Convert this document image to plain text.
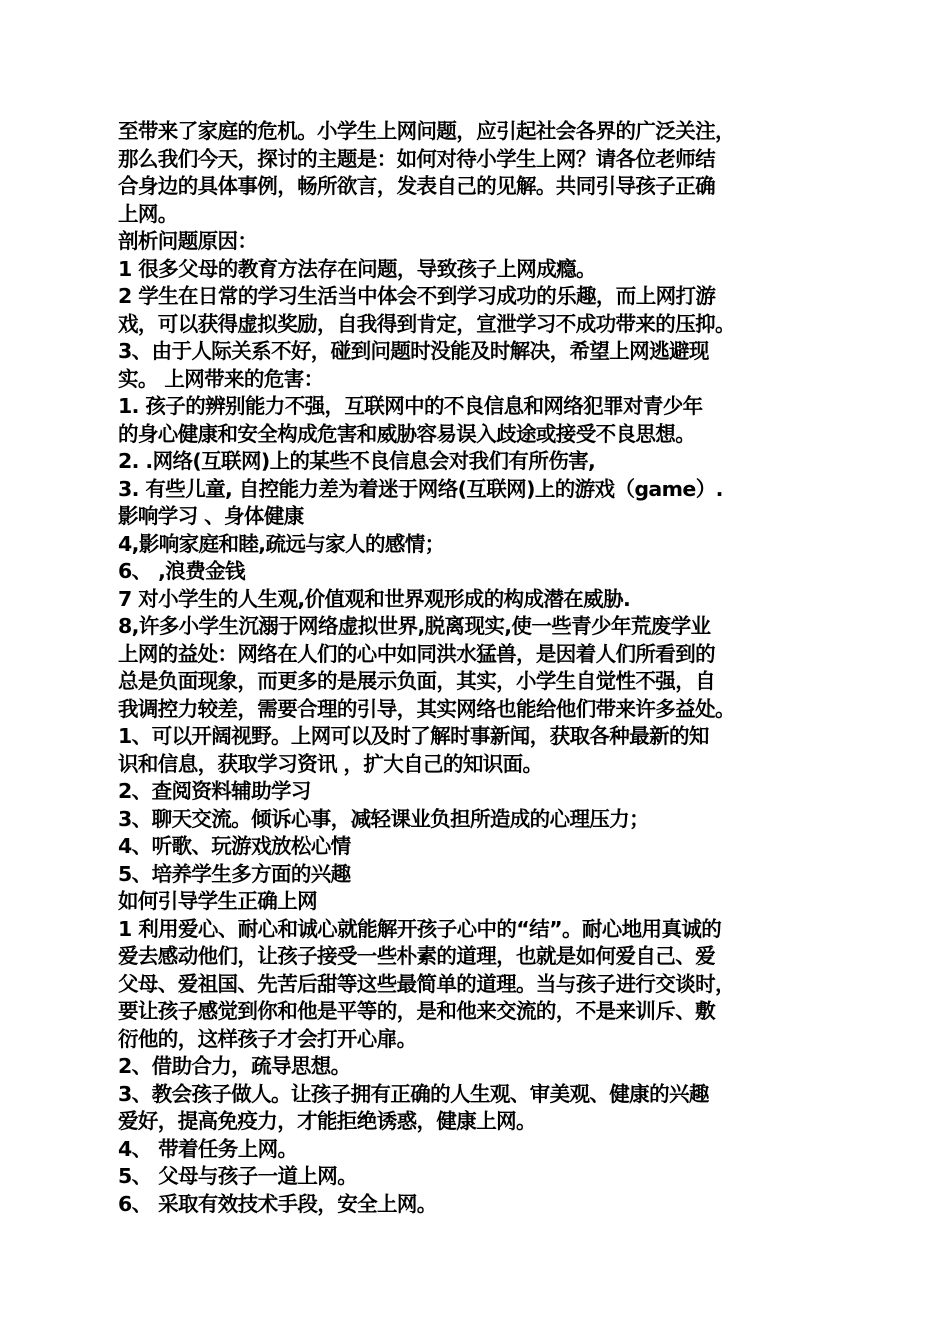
至带来了家庭的危机。小学生上网问题，应引起社会各界的广泛关注，
那么我们今天，探讨的主题是：如何对待小学生上网？请各位老师结
合身边的具体事例，畅所欲言，发表自己的见解。共同引导孩子正确
上网。
剖析问题原因：
1 很多父母的教育方法存在问题，导致孩子上网成瘾。
2 学生在日常的学习生活当中体会不到学习成功的乐趣，而上网打游
戏，可以获得虚拟奖励，自我得到肯定，宣泄学习不成功带来的压抑。
3、由于人际关系不好，碰到问题时没能及时解决，希望上网逃避现
实。 上网带来的危害：
1. 孩子的辨别能力不强，互联网中的不良信息和网络犯罪对青少年
的身心健康和安全构成危害和威胁容易误入歧途或接受不良思想。
2. .网络(互联网)上的某些不良信息会对我们有所伤害,
3. 有些儿童, 自控能力差为着迷于网络(互联网)上的游戏（game）.
影响学习 、身体健康
4,影响家庭和睦,疏远与家人的感情；
6、 ,浪费金钱
7 对小学生的人生观,价值观和世界观形成的构成潜在威胁.
8,许多小学生沉溺于网络虚拟世界,脱离现实,使一些青少年荒废学业
上网的益处：网络在人们的心中如同洪水猛兽，是因着人们所看到的
总是负面现象，而更多的是展示负面，其实，小学生自觉性不强，自
我调控力较差，需要合理的引导，其实网络也能给他们带来许多益处。
1、可以开阔视野。上网可以及时了解时事新闻，获取各种最新的知
识和信息，获取学习资讯 ，扩大自己的知识面。
2、查阅资料辅助学习
3、聊天交流。倾诉心事，减轻课业负担所造成的心理压力；
4、听歌、玩游戏放松心情
5、培养学生多方面的兴趣
如何引导学生正确上网
1 利用爱心、耐心和诚心就能解开孩子心中的“结”。耐心地用真诚的
爱去感动他们，让孩子接受一些朴素的道理，也就是如何爱自己、爱
父母、爱祖国、先苦后甜等这些最简单的道理。当与孩子进行交谈时，
要让孩子感觉到你和他是平等的，是和他来交流的，不是来训斥、敷
衍他的，这样孩子才会打开心扉。
2、借助合力，疏导思想。
3、教会孩子做人。让孩子拥有正确的人生观、审美观、健康的兴趣
爱好，提高免疫力，才能拒绝诱惑，健康上网。
4、 带着任务上网。
5、 父母与孩子一道上网。
6、 采取有效技术手段，安全上网。
